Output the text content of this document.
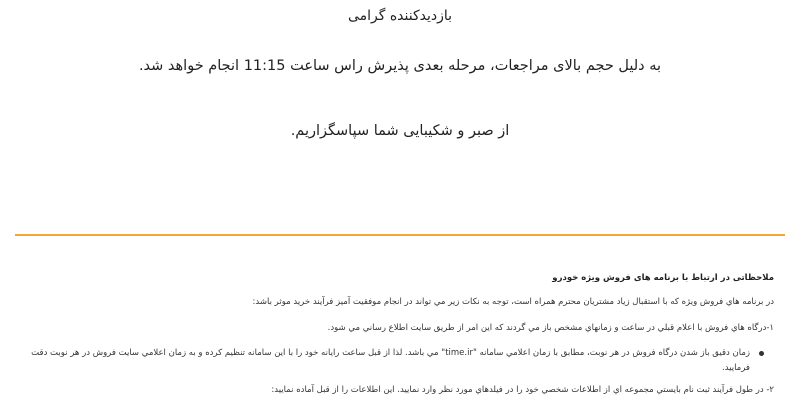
بازدیدکننده گرامی
به دلیل حجم بالای مراجعات، مرحله بعدی پذیرش راس ساعت 11:15 انجام خواهد شد.
از صبر و شکیبایی شما سپاسگزاریم.
ملاحظاتی در ارتباط با برنامه های فروش ویژه خودرو
در برنامه هاي فروش ويژه كه با استقبال زياد مشتريان محترم همراه است، توجه به نكات زير مي تواند در انجام موفقيت آميز فرآيند خريد موثر باشد:
۱-درگاه هاي فروش با اعلام قبلي در ساعت و زمانهاي مشخص باز مي گردند كه اين امر از طريق سايت اطلاع رساني مي شود.
زمان دقيق باز شدن درگاه فروش در هر نوبت، مطابق با زمان اعلامي سامانه "time.ir" مي باشد. لذا از قبل ساعت رايانه خود را با اين سامانه تنظيم كرده و به زمان اعلامي سايت فروش در هر نوبت دقت فرماييد.
۲- در طول فرآيند ثبت نام بايستي مجموعه اي از اطلاعات شخصي خود را در فيلدهاي مورد نظر وارد نماييد. اين اطلاعات را از قبل آماده نماييد:
